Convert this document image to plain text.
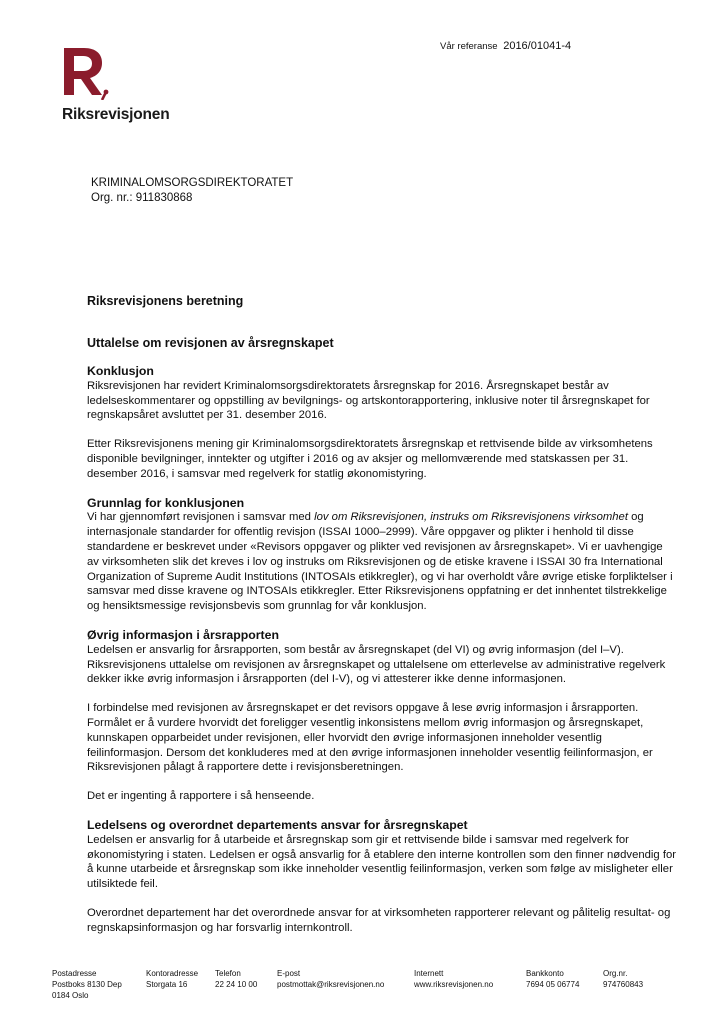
Riksrevisjonen
Vår referanse 2016/01041-4
KRIMINALOMSORGSDIREKTORATET
Org. nr.: 911830868
Riksrevisjonens beretning
Uttalelse om revisjonen av årsregnskapet
Konklusjon

Riksrevisjonen har revidert Kriminalomsorgsdirektoratets årsregnskap for 2016. Årsregnskapet består av ledelseskommentarer og oppstilling av bevilgnings- og artskontorapportering, inklusive noter til årsregnskapet for regnskapsåret avsluttet per 31. desember 2016.

Etter Riksrevisjonens mening gir Kriminalomsorgsdirektoratets årsregnskap et rettvisende bilde av virksomhetens disponible bevilgninger, inntekter og utgifter i 2016 og av aksjer og mellomværende med statskassen per 31. desember 2016, i samsvar med regelverk for statlig økonomistyring.

Grunnlag for konklusjonen

Vi har gjennomført revisjonen i samsvar med lov om Riksrevisjonen, instruks om Riksrevisjonens virksomhet og internasjonale standarder for offentlig revisjon (ISSAI 1000–2999). Våre oppgaver og plikter i henhold til disse standardene er beskrevet under «Revisors oppgaver og plikter ved revisjonen av årsregnskapet». Vi er uavhengige av virksomheten slik det kreves i lov og instruks om Riksrevisjonen og de etiske kravene i ISSAI 30 fra International Organization of Supreme Audit Institutions (INTOSAIs etikkregler), og vi har overholdt våre øvrige etiske forpliktelser i samsvar med disse kravene og INTOSAIs etikkregler. Etter Riksrevisjonens oppfatning er det innhentet tilstrekkelige og hensiktsmessige revisjonsbevis som grunnlag for vår konklusjon.

Øvrig informasjon i årsrapporten

Ledelsen er ansvarlig for årsrapporten, som består av årsregnskapet (del VI) og øvrig informasjon (del I–V). Riksrevisjonens uttalelse om revisjonen av årsregnskapet og uttalelsene om etterlevelse av administrative regelverk dekker ikke øvrig informasjon i årsrapporten (del I-V), og vi attesterer ikke denne informasjonen.

I forbindelse med revisjonen av årsregnskapet er det revisors oppgave å lese øvrig informasjon i årsrapporten. Formålet er å vurdere hvorvidt det foreligger vesentlig inkonsistens mellom øvrig informasjon og årsregnskapet, kunnskapen opparbeidet under revisjonen, eller hvorvidt den øvrige informasjonen inneholder vesentlig feilinformasjon. Dersom det konkluderes med at den øvrige informasjonen inneholder vesentlig feilinformasjon, er Riksrevisjonen pålagt å rapportere dette i revisjonsberetningen.

Det er ingenting å rapportere i så henseende.

Ledelsens og overordnet departements ansvar for årsregnskapet

Ledelsen er ansvarlig for å utarbeide et årsregnskap som gir et rettvisende bilde i samsvar med regelverk for økonomistyring i staten. Ledelsen er også ansvarlig for å etablere den interne kontrollen som den finner nødvendig for å kunne utarbeide et årsregnskap som ikke inneholder vesentlig feilinformasjon, verken som følge av misligheter eller utilsiktede feil.

Overordnet departement har det overordnede ansvar for at virksomheten rapporterer relevant og pålitelig resultat- og regnskapsinformasjon og har forsvarlig internkontroll.

Postadresse
Postboks 8130 Dep
0184 Oslo
Kontoradresse
Storgata 16
Telefon
22 24 10 00
E-post
postmottak@riksrevisjonen.no
Internett
www.riksrevisjonen.no
Bankkonto
7694 05 06774
Org.nr.
974760843
